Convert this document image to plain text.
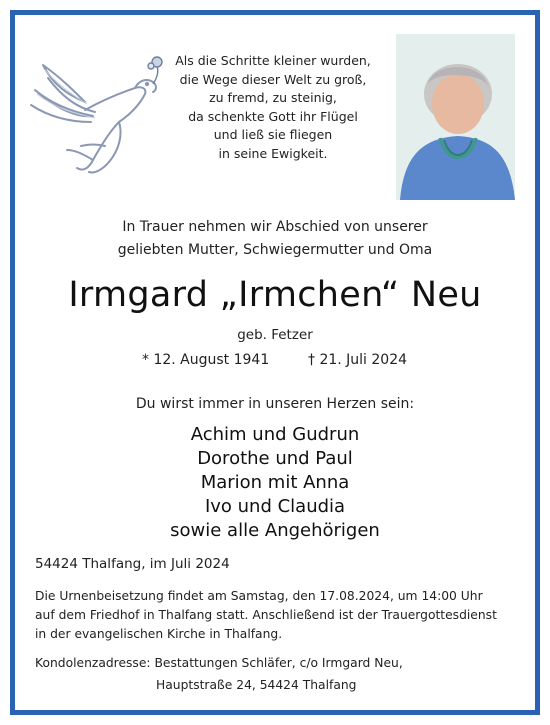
Als die Schritte kleiner wurden,
die Wege dieser Welt zu groß,
zu fremd, zu steinig,
da schenkte Gott ihr Flügel
und ließ sie fliegen
in seine Ewigkeit.
In Trauer nehmen wir Abschied von unserer
geliebten Mutter, Schwiegermutter und Oma
Irmgard „Irmchen“ Neu
geb. Fetzer
* 12. August 1941	† 21. Juli 2024
Du wirst immer in unseren Herzen sein:
Achim und Gudrun
Dorothe und Paul
Marion mit Anna
Ivo und Claudia
sowie alle Angehörigen
54424 Thalfang, im Juli 2024
Die Urnenbeisetzung findet am Samstag, den 17.08.2024, um 14:00 Uhr
auf dem Friedhof in Thalfang statt. Anschließend ist der Trauergottesdienst
in der evangelischen Kirche in Thalfang.
Kondolenzadresse: Bestattungen Schläfer, c/o Irmgard Neu,
Hauptstraße 24, 54424 Thalfang
